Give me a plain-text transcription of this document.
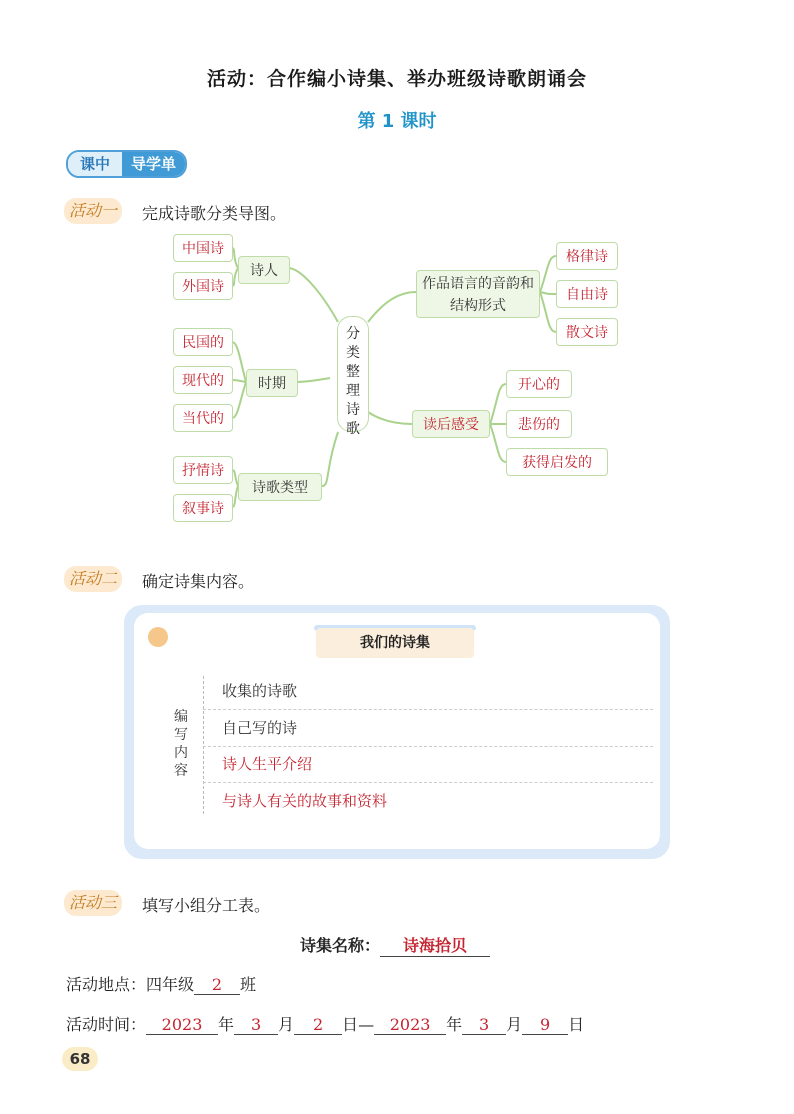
活动：合作编小诗集、举办班级诗歌朗诵会
第 1 课时
课中	导学单
活动一	完成诗歌分类导图。
分
类
整
理
诗
歌
诗人
中国诗
外国诗
时期
民国的
现代的
当代的
诗歌类型
抒情诗
叙事诗
作品语言的音韵和结构形式
格律诗
自由诗
散文诗
读后感受
开心的
悲伤的
获得启发的
活动二	确定诗集内容。
我们的诗集
编
写
内
容
收集的诗歌
自己写的诗
诗人生平介绍
与诗人有关的故事和资料
活动三	填写小组分工表。
诗集名称： 诗海拾贝
活动地点：四年级 2 班
活动时间： 2023 年 3 月 2 日— 2023 年 3 月 9 日
68
